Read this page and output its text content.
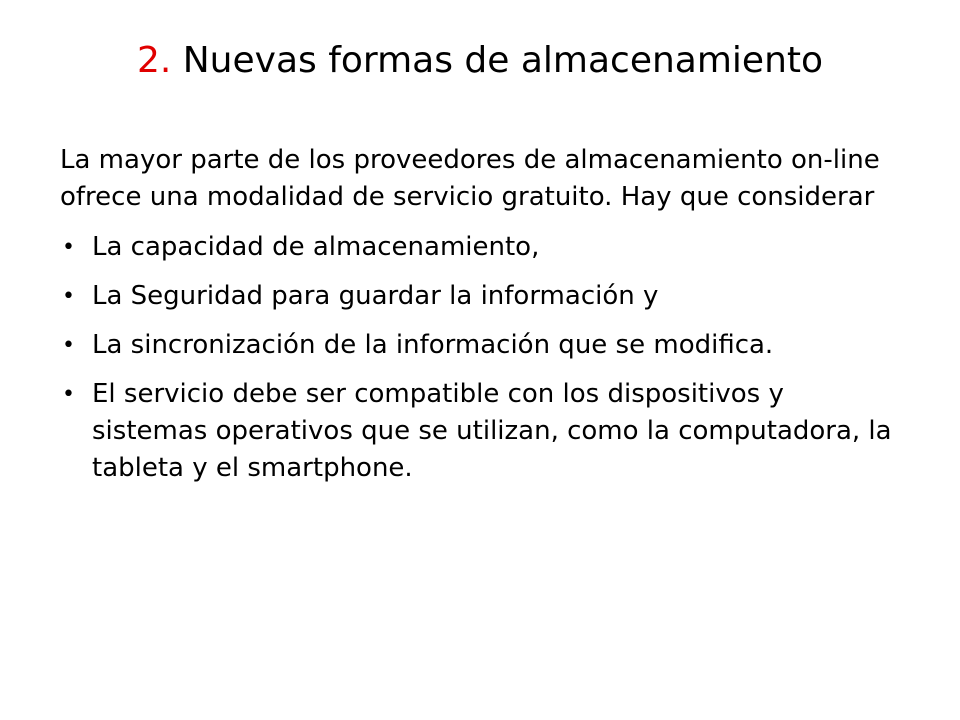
2. Nuevas formas de almacenamiento

La mayor parte de los proveedores de almacenamiento on-line ofrece una modalidad de servicio gratuito. Hay que considerar

• La capacidad de almacenamiento,
• La Seguridad para guardar la información y
• La sincronización de la información que se modifica.
• El servicio debe ser compatible con los dispositivos y sistemas operativos que se utilizan, como la computadora, la tableta y el smartphone.
